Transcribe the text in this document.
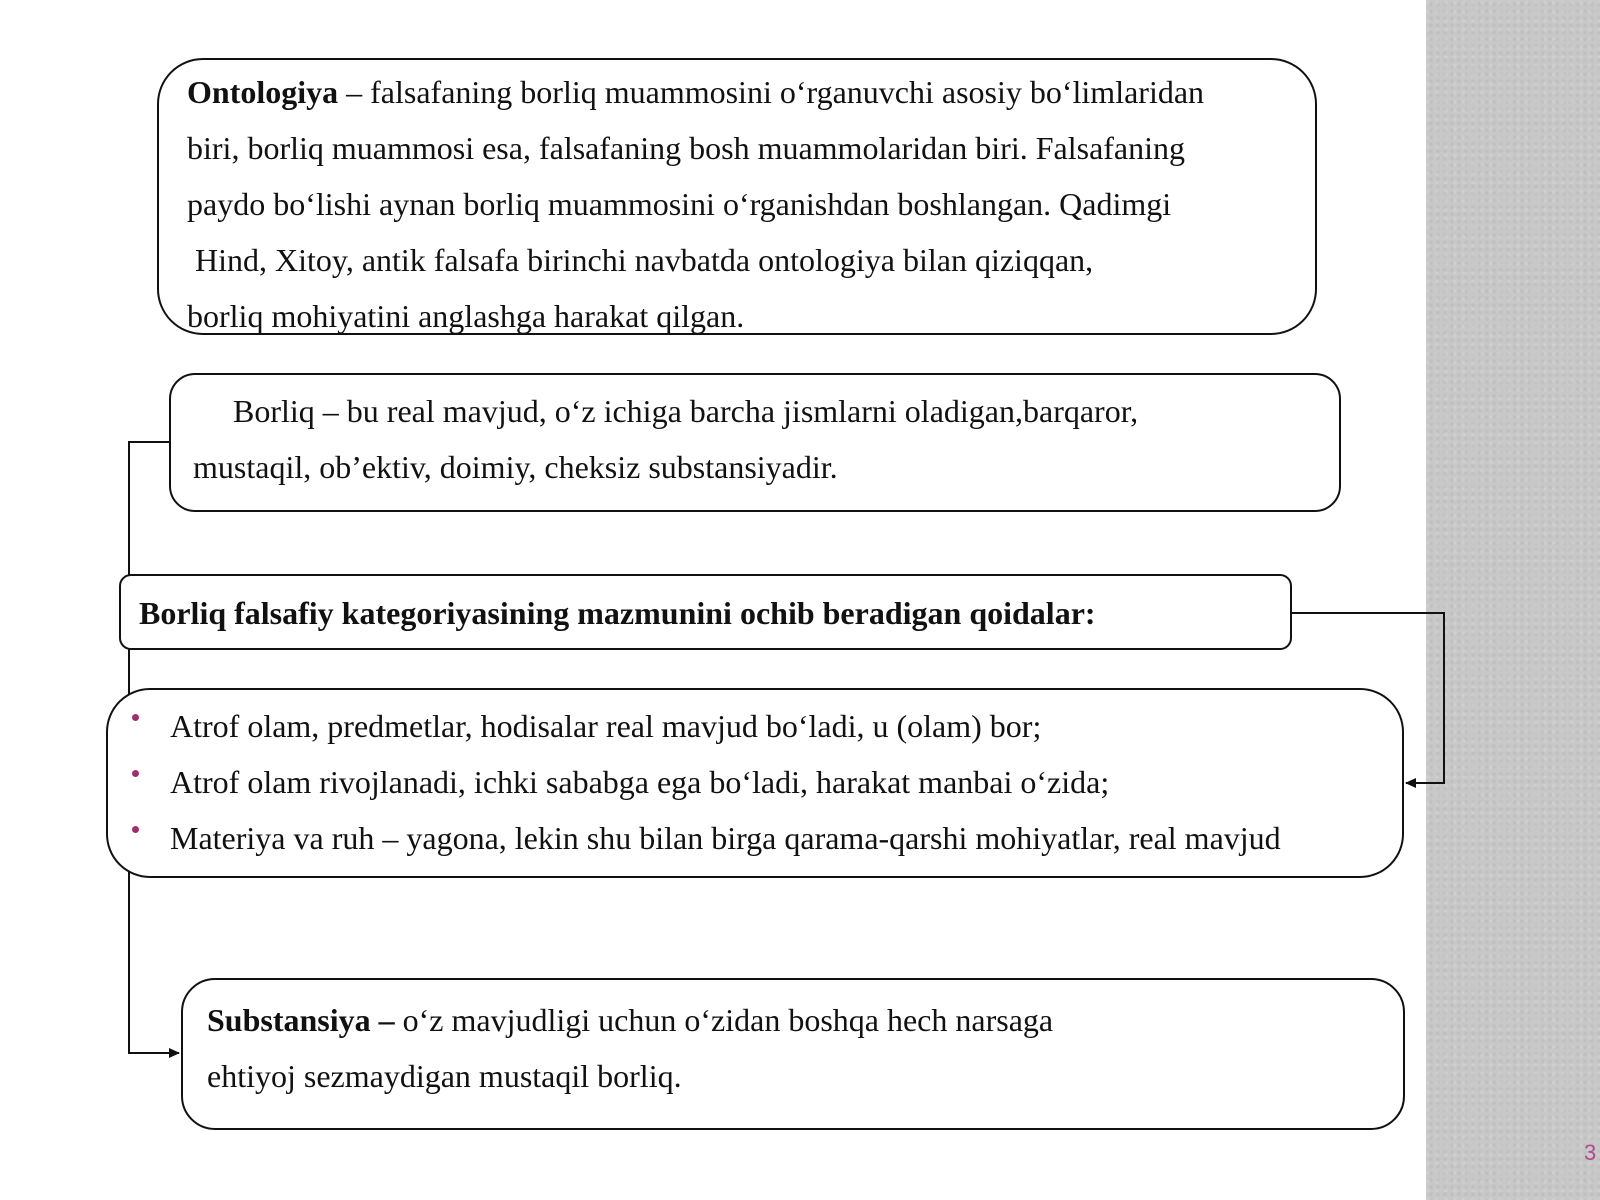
3

Ontologiya – falsafaning borliq muammosini o‘rganuvchi asosiy bo‘limlaridan

biri, borliq muammosi esa, falsafaning bosh muammolaridan biri. Falsafaning

paydo bo‘lishi aynan borliq muammosini o‘rganishdan boshlangan. Qadimgi

Hind, Xitoy, antik falsafa birinchi navbatda ontologiya bilan qiziqqan,

borliq mohiyatini anglashga harakat qilgan.

Borliq – bu real mavjud, o‘z ichiga barcha jismlarni oladigan,barqaror,

mustaqil, ob’ektiv, doimiy, cheksiz substansiyadir.

Borliq falsafiy kategoriyasining mazmunini ochib beradigan qoidalar:

Atrof olam, predmetlar, hodisalar real mavjud bo‘ladi, u (olam) bor;

Atrof olam rivojlanadi, ichki sababga ega bo‘ladi, harakat manbai o‘zida;

Materiya va ruh – yagona, lekin shu bilan birga qarama-qarshi mohiyatlar, real mavjud

Substansiya – o‘z mavjudligi uchun o‘zidan boshqa hech narsaga

ehtiyoj sezmaydigan mustaqil borliq.
